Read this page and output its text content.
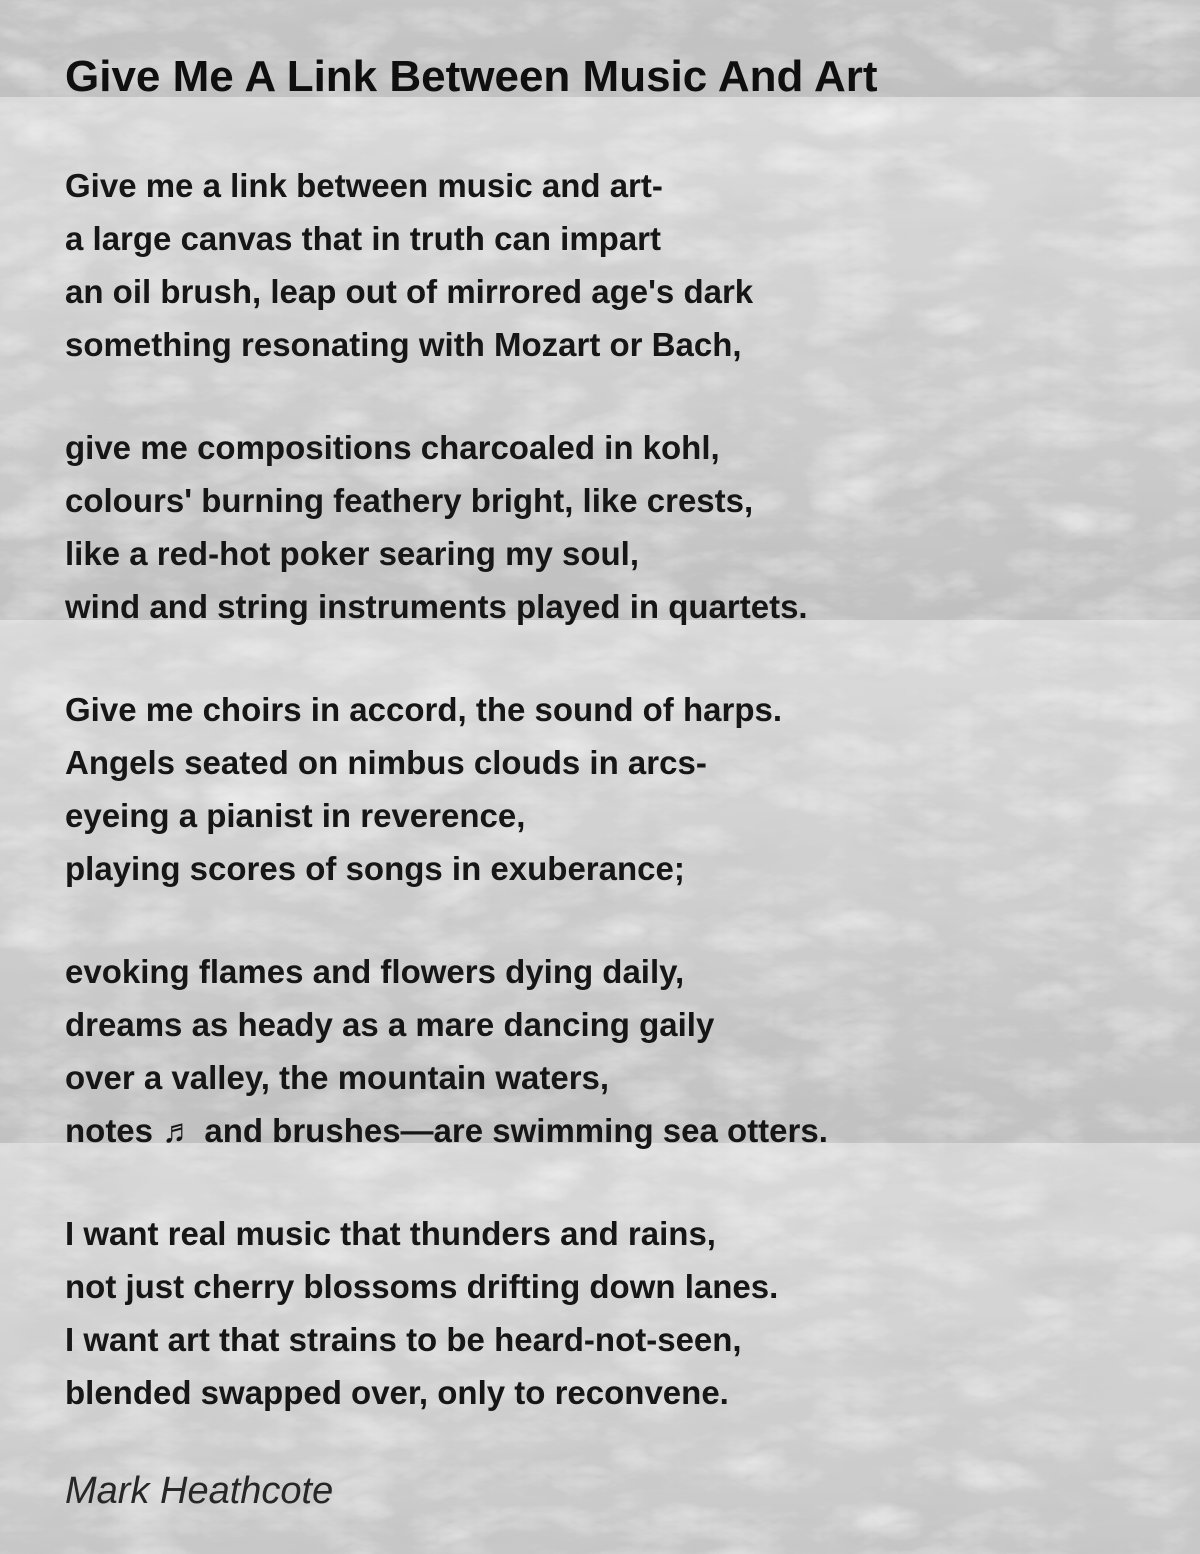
Give Me A Link Between Music And Art

Give me a link between music and art-

a large canvas that in truth can impart

an oil brush, leap out of mirrored age's dark

something resonating with Mozart or Bach,

give me compositions charcoaled in kohl,

colours' burning feathery bright, like crests,

like a red-hot poker searing my soul,

wind and string instruments played in quartets.

Give me choirs in accord, the sound of harps.

Angels seated on nimbus clouds in arcs-

eyeing a pianist in reverence,

playing scores of songs in exuberance;

evoking flames and flowers dying daily,

dreams as heady as a mare dancing gaily

over a valley, the mountain waters,

notes ♬ and brushes—are swimming sea otters.

I want real music that thunders and rains,

not just cherry blossoms drifting down lanes.

I want art that strains to be heard-not-seen,

blended swapped over, only to reconvene.

Mark Heathcote
